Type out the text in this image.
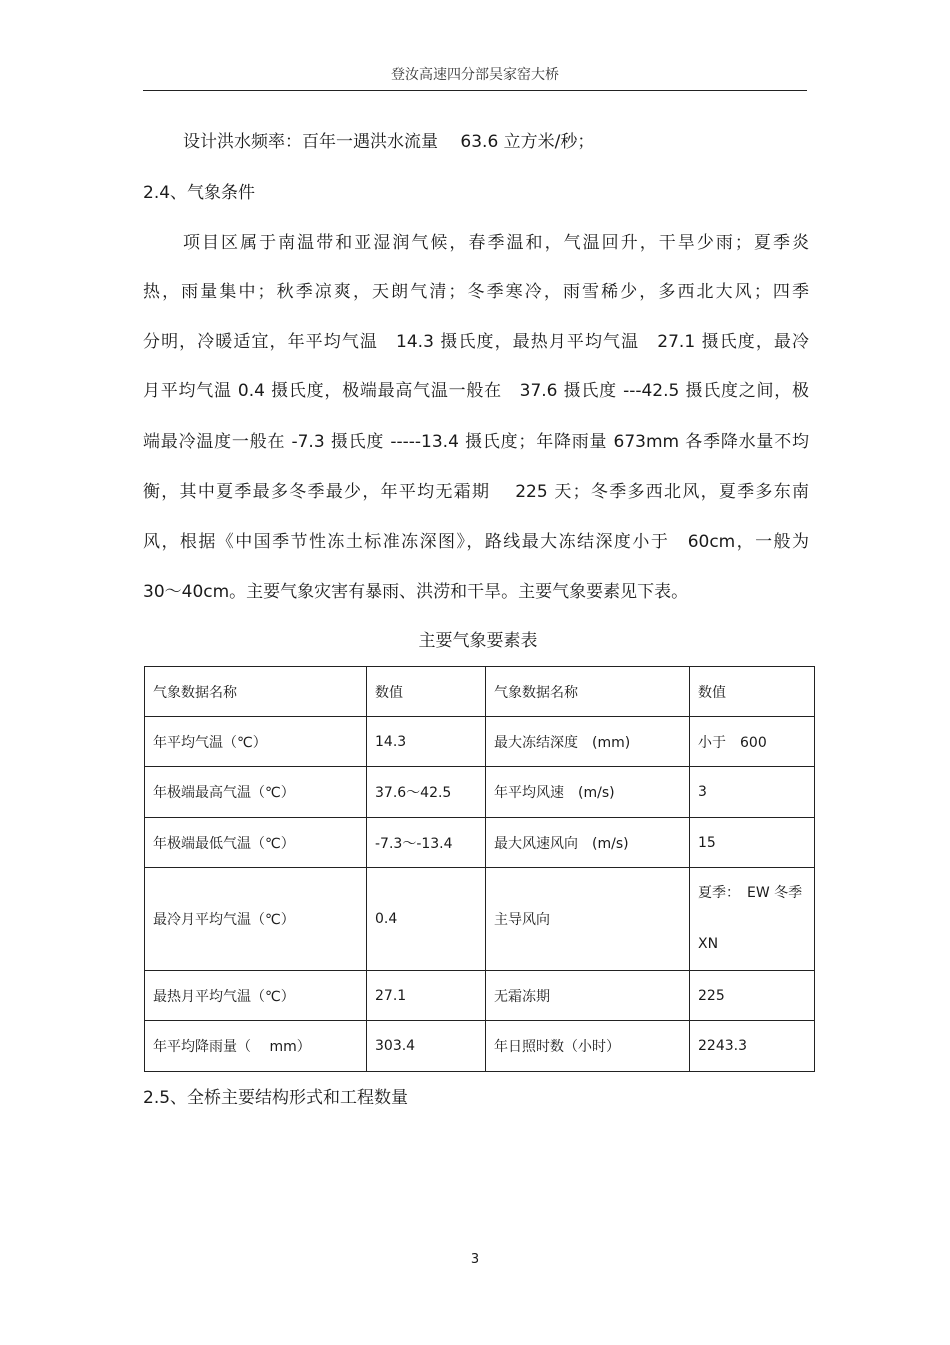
登汝高速四分部吴家窑大桥
设计洪水频率：百年一遇洪水流量　 63.6 立方米/秒；
2.4、气象条件
项目区属于南温带和亚湿润气候，春季温和，气温回升，干旱少雨；夏季炎
热，雨量集中；秋季凉爽，天朗气清；冬季寒冷，雨雪稀少，多西北大风；四季
分明，冷暖适宜，年平均气温　14.3 摄氏度，最热月平均气温　27.1 摄氏度，最冷
月平均气温 0.4 摄氏度，极端最高气温一般在　37.6 摄氏度 ---42.5 摄氏度之间，极
端最冷温度一般在 -7.3 摄氏度 -----13.4 摄氏度；年降雨量 673mm 各季降水量不均
衡，其中夏季最多冬季最少，年平均无霜期　 225 天；冬季多西北风，夏季多东南
风，根据《中国季节性冻土标准冻深图》，路线最大冻结深度小于　60cm，一般为
30～40cm。主要气象灾害有暴雨、洪涝和干旱。主要气象要素见下表。
主要气象要素表
气象数据名称	数值	气象数据名称	数值
年平均气温（℃）	14.3	最大冻结深度　(mm)	小于　600
年极端最高气温（℃）	37.6～42.5	年平均风速　(m/s)	3
年极端最低气温（℃）	-7.3～-13.4	最大风速风向　(m/s)	15
最冷月平均气温（℃）	0.4	主导风向	夏季：　EW 冬季
XN

最热月平均气温（℃）	27.1	无霜冻期	225
年平均降雨量（　 mm）	303.4	年日照时数（小时）	2243.3
2.5、全桥主要结构形式和工程数量
3
